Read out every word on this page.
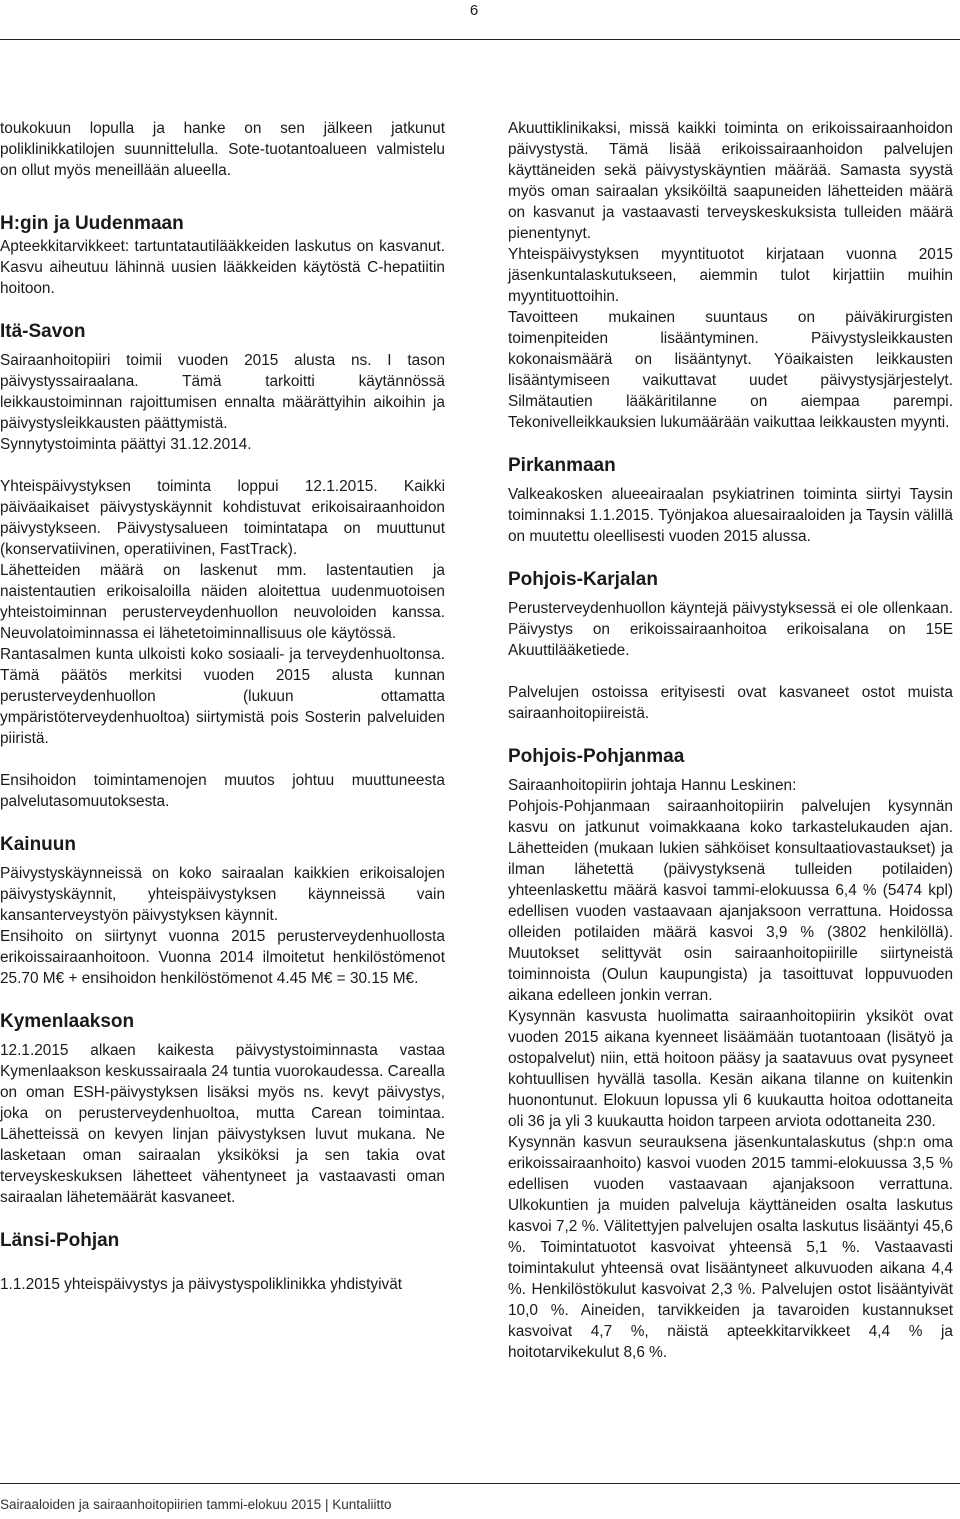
6

toukokuun lopulla ja hanke on sen jälkeen jatkunut poliklinikkatilojen suunnittelulla. Sote-tuotantoalueen valmistelu on ollut myös meneillään alueella.

H:gin ja Uudenmaan

Apteekkitarvikkeet: tartuntatautilääkkeiden laskutus on kasvanut. Kasvu aiheutuu lähinnä uusien lääkkeiden käytöstä C-hepatiitin hoitoon.

Itä-Savon

Sairaanhoitopiiri toimii vuoden 2015 alusta ns. I tason päivystyssairaalana. Tämä tarkoitti käytännössä leikkaustoiminnan rajoittumisen ennalta määrättyihin aikoihin ja päivystysleikkausten päättymistä.

Synnytystoiminta päättyi 31.12.2014.

Yhteispäivystyksen toiminta loppui 12.1.2015. Kaikki päiväaikaiset päivystyskäynnit kohdistuvat erikoisairaanhoidon päivystykseen. Päivystysalueen toimintatapa on muuttunut (konservatiivinen, operatiivinen, FastTrack).

Lähetteiden määrä on laskenut mm. lastentautien ja naistentautien erikoisaloilla näiden aloitettua uudenmuotoisen yhteistoiminnan perusterveydenhuollon neuvoloiden kanssa. Neuvolatoiminnassa ei lähetetoiminnallisuus ole käytössä.

Rantasalmen kunta ulkoisti koko sosiaali- ja terveydenhuoltonsa. Tämä päätös merkitsi vuoden 2015 alusta kunnan perusterveydenhuollon (lukuun ottamatta ympäristöterveydenhuoltoa) siirtymistä pois Sosterin palveluiden piiristä.

Ensihoidon toimintamenojen muutos johtuu muuttuneesta palvelutasomuutoksesta.

Kainuun

Päivystyskäynneissä on koko sairaalan kaikkien erikoisalojen päivystyskäynnit, yhteispäivystyksen käynneissä vain kansanterveystyön päivystyksen käynnit.

Ensihoito on siirtynyt vuonna 2015 perusterveydenhuollosta erikoissairaanhoitoon. Vuonna 2014 ilmoitetut henkilöstömenot 25.70 M€ + ensihoidon henkilöstömenot 4.45 M€ = 30.15 M€.

Kymenlaakson

12.1.2015 alkaen kaikesta päivystystoiminnasta vastaa Kymenlaakson keskussairaala 24 tuntia vuorokaudessa. Carealla on oman ESH-päivystyksen lisäksi myös ns. kevyt päivystys, joka on perusterveydenhuoltoa, mutta Carean toimintaa. Lähetteissä on kevyen linjan päivystyksen luvut mukana. Ne lasketaan oman sairaalan yksiköksi ja sen takia ovat terveyskeskuksen lähetteet vähentyneet ja vastaavasti oman sairaalan lähetemäärät kasvaneet.

Länsi-Pohjan

1.1.2015 yhteispäivystys ja päivystyspoliklinikka yhdistyivät

Akuuttiklinikaksi, missä kaikki toiminta on erikoissairaanhoidon päivystystä. Tämä lisää erikoissairaanhoidon palvelujen käyttäneiden sekä päivystyskäyntien määrää. Samasta syystä myös oman sairaalan yksiköiltä saapuneiden lähetteiden määrä on kasvanut ja vastaavasti terveyskeskuksista tulleiden määrä pienentynyt.

Yhteispäivystyksen myyntituotot kirjataan vuonna 2015 jäsenkuntalaskutukseen, aiemmin tulot kirjattiin muihin myyntituottoihin.

Tavoitteen mukainen suuntaus on päiväkirurgisten toimenpiteiden lisääntyminen. Päivystysleikkausten kokonaismäärä on lisääntynyt. Yöaikaisten leikkausten lisääntymiseen vaikuttavat uudet päivystysjärjestelyt. Silmätautien lääkäritilanne on aiempaa parempi. Tekonivelleikkauksien lukumäärään vaikuttaa leikkausten myynti.

Pirkanmaan

Valkeakosken alueeairaalan psykiatrinen toiminta siirtyi Taysin toiminnaksi 1.1.2015. Työnjakoa aluesairaaloiden ja Taysin välillä on muutettu oleellisesti vuoden 2015 alussa.

Pohjois-Karjalan

Perusterveydenhuollon käyntejä päivystyksessä ei ole ollenkaan. Päivystys on erikoissairaanhoitoa erikoisalana on 15E Akuuttilääketiede.

Palvelujen ostoissa erityisesti ovat kasvaneet ostot muista sairaanhoitopiireistä.

Pohjois-Pohjanmaa

Sairaanhoitopiirin johtaja Hannu Leskinen:

Pohjois-Pohjanmaan sairaanhoitopiirin palvelujen kysynnän kasvu on jatkunut voimakkaana koko tarkastelukauden ajan. Lähetteiden (mukaan lukien sähköiset konsultaatiovastaukset) ja ilman lähetettä (päivystyksenä tulleiden potilaiden) yhteenlaskettu määrä kasvoi tammi-elokuussa 6,4 % (5474 kpl) edellisen vuoden vastaavaan ajanjaksoon verrattuna. Hoidossa olleiden potilaiden määrä kasvoi 3,9 % (3802 henkilöllä). Muutokset selittyvät osin sairaanhoitopiirille siirtyneistä toiminnoista (Oulun kaupungista) ja tasoittuvat loppuvuoden aikana edelleen jonkin verran.

Kysynnän kasvusta huolimatta sairaanhoitopiirin yksiköt ovat vuoden 2015 aikana kyenneet lisäämään tuotantoaan (lisätyö ja ostopalvelut) niin, että hoitoon pääsy ja saatavuus ovat pysyneet kohtuullisen hyvällä tasolla. Kesän aikana tilanne on kuitenkin huonontunut. Elokuun lopussa yli 6 kuukautta hoitoa odottaneita oli 36 ja yli 3 kuukautta hoidon tarpeen arviota odottaneita 230.

Kysynnän kasvun seurauksena jäsenkuntalaskutus (shp:n oma erikoissairaanhoito) kasvoi vuoden 2015 tammi-elokuussa 3,5 % edellisen vuoden vastaavaan ajanjaksoon verrattuna. Ulkokuntien ja muiden palveluja käyttäneiden osalta laskutus kasvoi 7,2 %. Välitettyjen palvelujen osalta laskutus lisääntyi 45,6 %. Toimintatuotot kasvoivat yhteensä 5,1 %. Vastaavasti toimintakulut yhteensä ovat lisääntyneet alkuvuoden aikana 4,4 %. Henkilöstökulut kasvoivat 2,3 %. Palvelujen ostot lisääntyivät 10,0 %. Aineiden, tarvikkeiden ja tavaroiden kustannukset kasvoivat 4,7 %, näistä apteekkitarvikkeet 4,4 % ja hoitotarvikekulut 8,6 %.

Sairaaloiden ja sairaanhoitopiirien tammi-elokuu 2015 | Kuntaliitto
